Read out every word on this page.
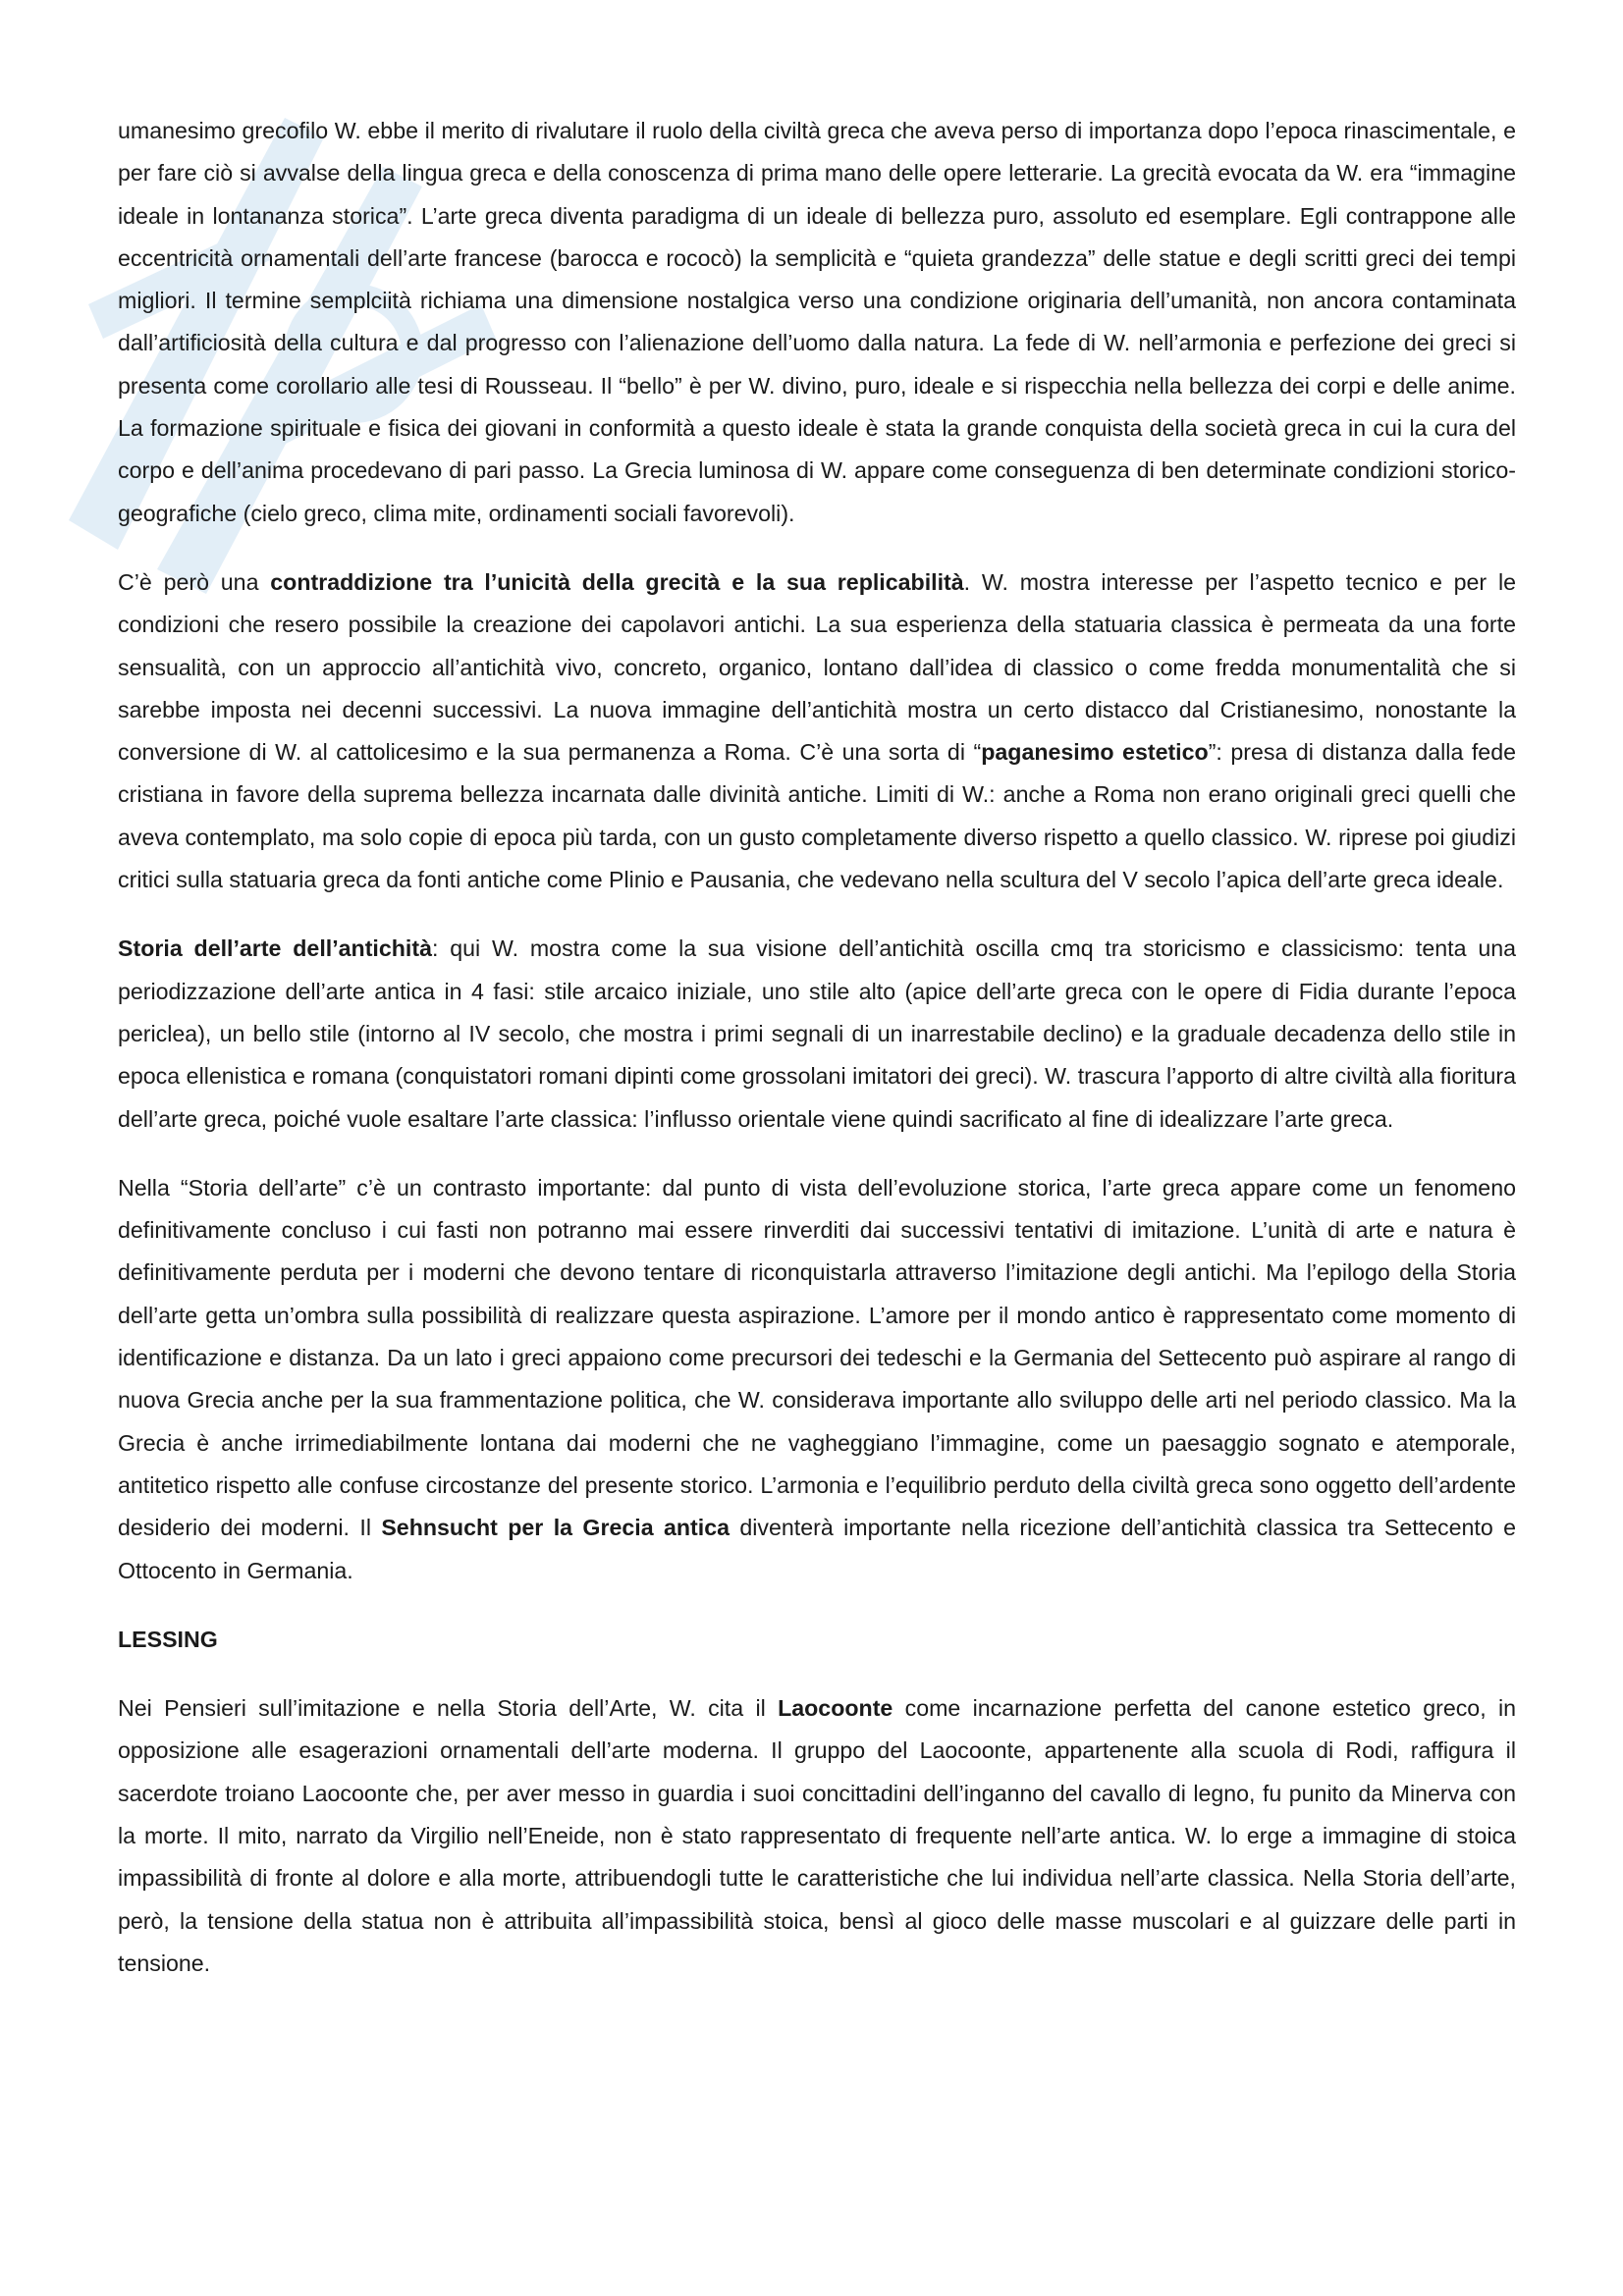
umanesimo grecofilo W. ebbe il merito di rivalutare il ruolo della civiltà greca che aveva perso di importanza dopo l’epoca rinascimentale, e per fare ciò si avvalse della lingua greca e della conoscenza di prima mano delle opere letterarie. La grecità evocata da W. era “immagine ideale in lontananza storica”. L’arte greca diventa paradigma di un ideale di bellezza puro, assoluto ed esemplare. Egli contrappone alle eccentricità ornamentali dell’arte francese (barocca e rococò) la semplicità e “quieta grandezza” delle statue e degli scritti greci dei tempi migliori. Il termine semplciità richiama una dimensione nostalgica verso una condizione originaria dell’umanità, non ancora contaminata dall’artificiosità della cultura e dal progresso con l’alienazione dell’uomo dalla natura. La fede di W. nell’armonia e perfezione dei greci si presenta come corollario alle tesi di Rousseau. Il “bello” è per W. divino, puro, ideale e si rispecchia nella bellezza dei corpi e delle anime. La formazione spirituale e fisica dei giovani in conformità a questo ideale è stata la grande conquista della società greca in cui la cura del corpo e dell’anima procedevano di pari passo. La Grecia luminosa di W. appare come conseguenza di ben determinate condizioni storico-geografiche (cielo greco, clima mite, ordinamenti sociali favorevoli).

C’è però una contraddizione tra l’unicità della grecità e la sua replicabilità. W. mostra interesse per l’aspetto tecnico e per le condizioni che resero possibile la creazione dei capolavori antichi. La sua esperienza della statuaria classica è permeata da una forte sensualità, con un approccio all’antichità vivo, concreto, organico, lontano dall’idea di classico o come fredda monumentalità che si sarebbe imposta nei decenni successivi. La nuova immagine dell’antichità mostra un certo distacco dal Cristianesimo, nonostante la conversione di W. al cattolicesimo e la sua permanenza a Roma. C’è una sorta di “paganesimo estetico”: presa di distanza dalla fede cristiana in favore della suprema bellezza incarnata dalle divinità antiche. Limiti di W.: anche a Roma non erano originali greci quelli che aveva contemplato, ma solo copie di epoca più tarda, con un gusto completamente diverso rispetto a quello classico. W. riprese poi giudizi critici sulla statuaria greca da fonti antiche come Plinio e Pausania, che vedevano nella scultura del V secolo l’apica dell’arte greca ideale.

Storia dell’arte dell’antichità: qui W. mostra come la sua visione dell’antichità oscilla cmq tra storicismo e classicismo: tenta una periodizzazione dell’arte antica in 4 fasi: stile arcaico iniziale, uno stile alto (apice dell’arte greca con le opere di Fidia durante l’epoca periclea), un bello stile (intorno al IV secolo, che mostra i primi segnali di un inarrestabile declino) e la graduale decadenza dello stile in epoca ellenistica e romana (conquistatori romani dipinti come grossolani imitatori dei greci). W. trascura l’apporto di altre civiltà alla fioritura dell’arte greca, poiché vuole esaltare l’arte classica: l’influsso orientale viene quindi sacrificato al fine di idealizzare l’arte greca.

Nella “Storia dell’arte” c’è un contrasto importante: dal punto di vista dell’evoluzione storica, l’arte greca appare come un fenomeno definitivamente concluso i cui fasti non potranno mai essere rinverditi dai successivi tentativi di imitazione. L’unità di arte e natura è definitivamente perduta per i moderni che devono tentare di riconquistarla attraverso l’imitazione degli antichi. Ma l’epilogo della Storia dell’arte getta un’ombra sulla possibilità di realizzare questa aspirazione. L’amore per il mondo antico è rappresentato come momento di identificazione e distanza. Da un lato i greci appaiono come precursori dei tedeschi e la Germania del Settecento può aspirare al rango di nuova Grecia anche per la sua frammentazione politica, che W. considerava importante allo sviluppo delle arti nel periodo classico. Ma la Grecia è anche irrimediabilmente lontana dai moderni che ne vagheggiano l’immagine, come un paesaggio sognato e atemporale, antitetico rispetto alle confuse circostanze del presente storico. L’armonia e l’equilibrio perduto della civiltà greca sono oggetto dell’ardente desiderio dei moderni. Il Sehnsucht per la Grecia antica diventerà importante nella ricezione dell’antichità classica tra Settecento e Ottocento in Germania.

LESSING

Nei Pensieri sull’imitazione e nella Storia dell’Arte, W. cita il Laocoonte come incarnazione perfetta del canone estetico greco, in opposizione alle esagerazioni ornamentali dell’arte moderna. Il gruppo del Laocoonte, appartenente alla scuola di Rodi, raffigura il sacerdote troiano Laocoonte che, per aver messo in guardia i suoi concittadini dell’inganno del cavallo di legno, fu punito da Minerva con la morte. Il mito, narrato da Virgilio nell’Eneide, non è stato rappresentato di frequente nell’arte antica. W. lo erge a immagine di stoica impassibilità di fronte al dolore e alla morte, attribuendogli tutte le caratteristiche che lui individua nell’arte classica. Nella Storia dell’arte, però, la tensione della statua non è attribuita all’impassibilità stoica, bensì al gioco delle masse muscolari e al guizzare delle parti in tensione.
